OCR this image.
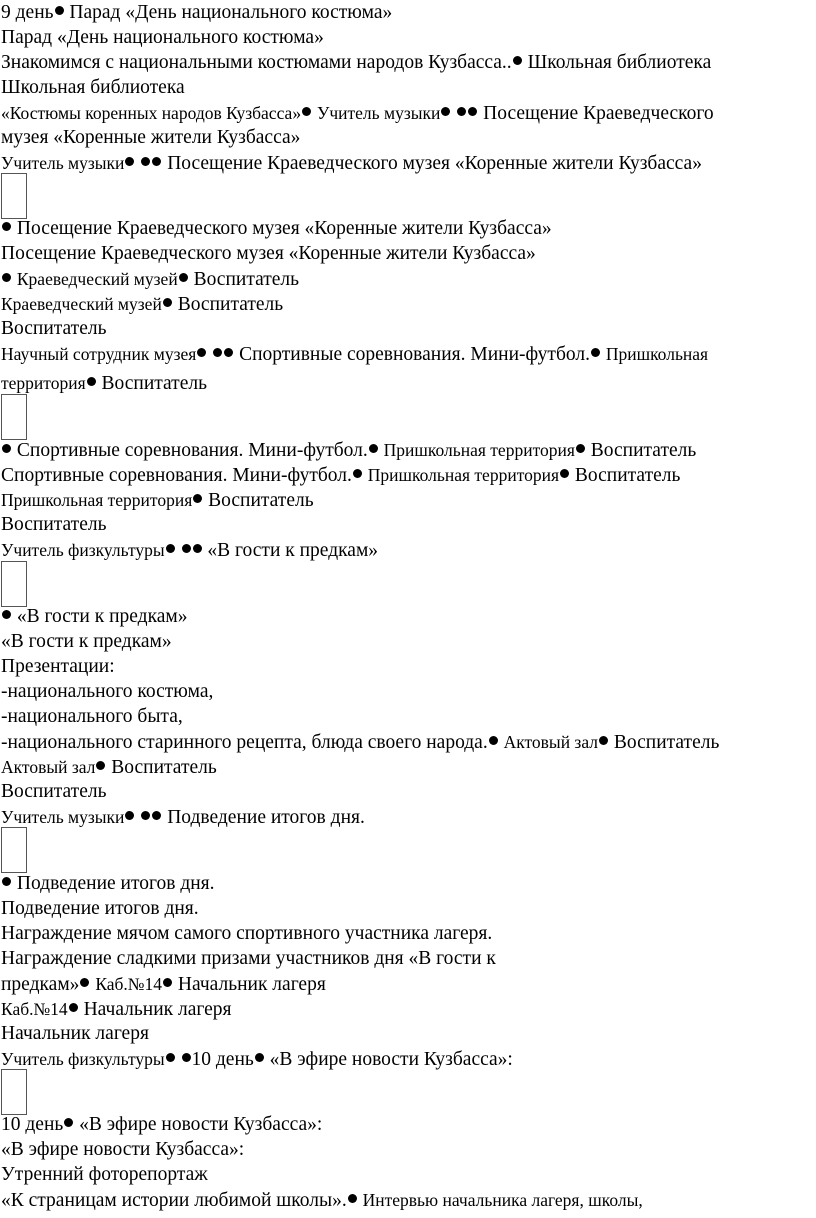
9 день Парад «День национального костюма»
Парад «День национального костюма»
Знакомимся с национальными костюмами народов Кузбасса.. Школьная библиотека
Школьная библиотека
«Костюмы коренных народов Кузбасса» Учитель музыки Посещение Краеведческого
музея «Коренные жители Кузбасса»
Учитель музыки Посещение Краеведческого музея «Коренные жители Кузбасса»
Посещение Краеведческого музея «Коренные жители Кузбасса»
Посещение Краеведческого музея «Коренные жители Кузбасса»
Краеведческий музей Воспитатель
Краеведческий музей Воспитатель
Воспитатель
Научный сотрудник музея Спортивные соревнования. Мини-футбол. Пришкольная
территория Воспитатель
Спортивные соревнования. Мини-футбол. Пришкольная территория Воспитатель
Спортивные соревнования. Мини-футбол. Пришкольная территория Воспитатель
Пришкольная территория Воспитатель
Воспитатель
Учитель физкультуры «В гости к предкам»
«В гости к предкам»
«В гости к предкам»
Презентации:
-национального костюма,
-национального быта,
-национального старинного рецепта, блюда своего народа. Актовый зал Воспитатель
Актовый зал Воспитатель
Воспитатель
Учитель музыки Подведение итогов дня.
Подведение итогов дня.
Подведение итогов дня.
Награждение мячом самого спортивного участника лагеря.
Награждение сладкими призами участников дня «В гости к
предкам» Каб.№14 Начальник лагеря
Каб.№14 Начальник лагеря
Начальник лагеря
Учитель физкультуры 10 день «В эфире новости Кузбасса»:
10 день «В эфире новости Кузбасса»:
«В эфире новости Кузбасса»:
Утренний фоторепортаж
«К страницам истории любимой школы». Интервью начальника лагеря, школы,
